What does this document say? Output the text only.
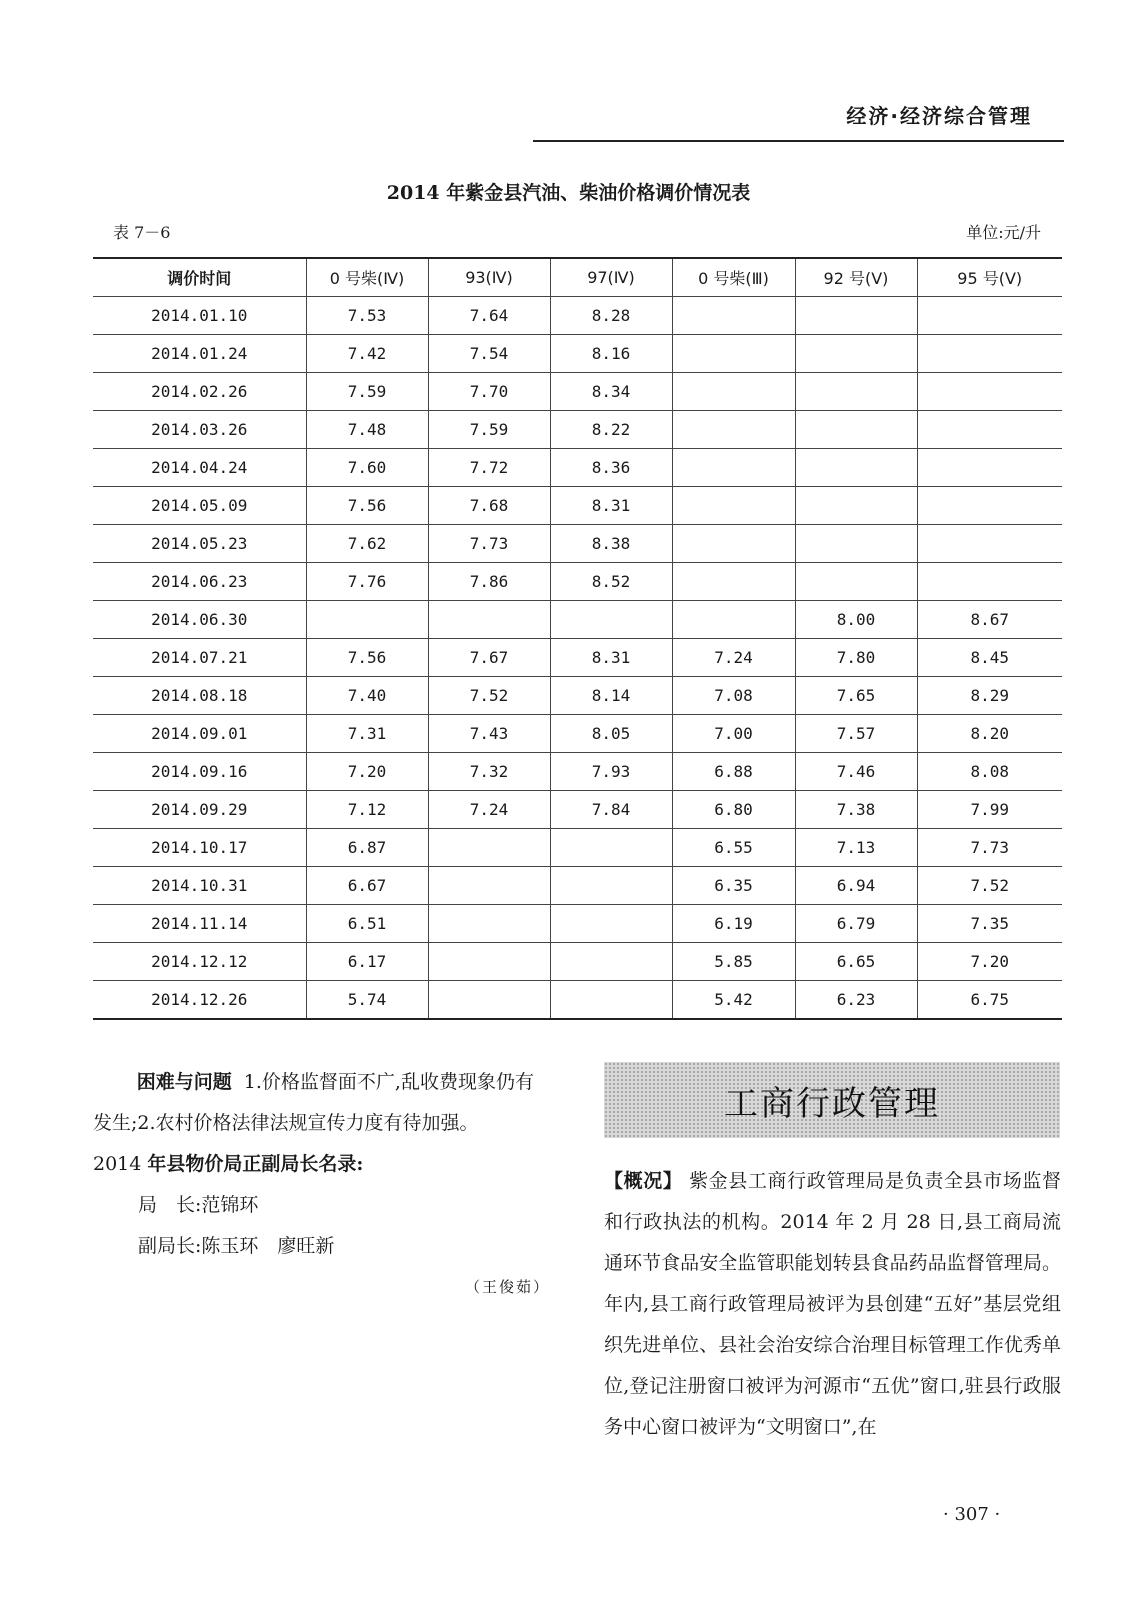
经济·经济综合管理
2014 年紫金县汽油、柴油价格调价情况表
表 7－6	单位:元/升
调价时间	0 号柴(Ⅳ)	93(Ⅳ)	97(Ⅳ)	0 号柴(Ⅲ)	92 号(Ⅴ)	95 号(Ⅴ)
2014.01.10	7.53	7.64	8.28			
2014.01.24	7.42	7.54	8.16			
2014.02.26	7.59	7.70	8.34			
2014.03.26	7.48	7.59	8.22			
2014.04.24	7.60	7.72	8.36			
2014.05.09	7.56	7.68	8.31			
2014.05.23	7.62	7.73	8.38			
2014.06.23	7.76	7.86	8.52			
2014.06.30					8.00	8.67
2014.07.21	7.56	7.67	8.31	7.24	7.80	8.45
2014.08.18	7.40	7.52	8.14	7.08	7.65	8.29
2014.09.01	7.31	7.43	8.05	7.00	7.57	8.20
2014.09.16	7.20	7.32	7.93	6.88	7.46	8.08
2014.09.29	7.12	7.24	7.84	6.80	7.38	7.99
2014.10.17	6.87			6.55	7.13	7.73
2014.10.31	6.67			6.35	6.94	7.52
2014.11.14	6.51			6.19	6.79	7.35
2014.12.12	6.17			5.85	6.65	7.20
2014.12.26	5.74			5.42	6.23	6.75

困难与问题 1.价格监督面不广,乱收费现象仍有发生;2.农村价格法律法规宣传力度有待加强。

2014 年县物价局正副局长名录:

局　长:范锦环

副局长:陈玉环　廖旺新

（王俊茹）

工商行政管理

【概况】 紫金县工商行政管理局是负责全县市场监督和行政执法的机构。2014 年 2 月 28 日,县工商局流通环节食品安全监管职能划转县食品药品监督管理局。年内,县工商行政管理局被评为县创建“五好”基层党组织先进单位、县社会治安综合治理目标管理工作优秀单位,登记注册窗口被评为河源市“五优”窗口,驻县行政服务中心窗口被评为“文明窗口”,在

· 307 ·
